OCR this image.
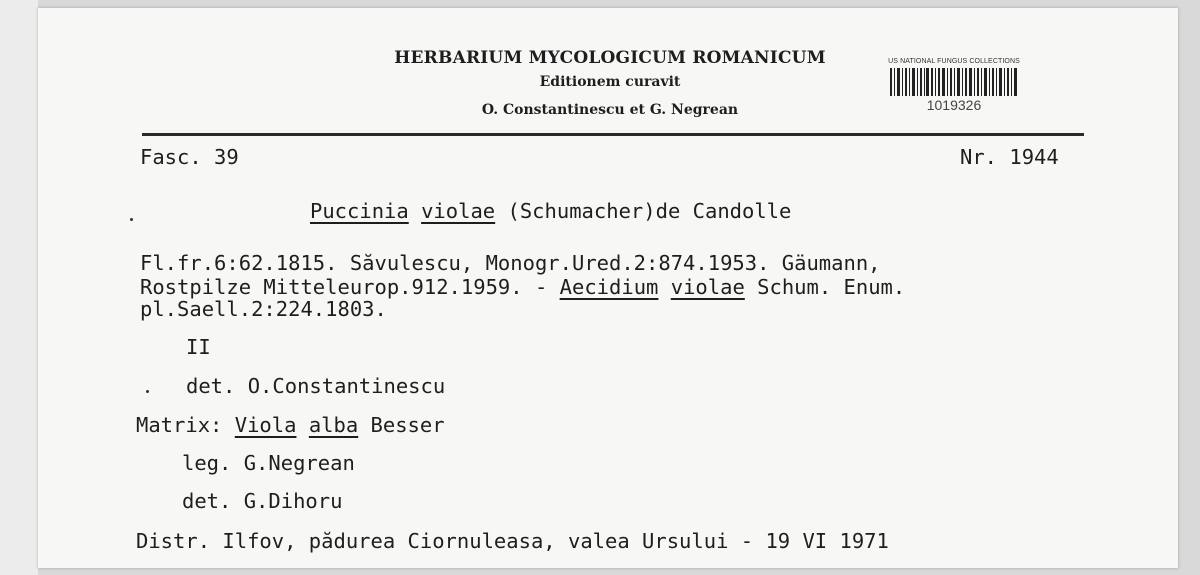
HERBARIUM MYCOLOGICUM ROMANICUM
Editionem curavit
O. Constantinescu et G. Negrean
US NATIONAL FUNGUS COLLECTIONS
1019326
Fasc. 39	Nr. 1944
Puccinia violae (Schumacher)de Candolle
Fl.fr.6:62.1815. Săvulescu, Monogr.Ured.2:874.1953. Gäumann,
Rostpilze Mitteleurop.912.1959. - Aecidium violae Schum. Enum.
pl.Saell.2:224.1803.
II
det. O.Constantinescu
Matrix: Viola alba Besser
leg. G.Negrean
det. G.Dihoru
Distr. Ilfov, pădurea Ciornuleasa, valea Ursului - 19 VI 1971
